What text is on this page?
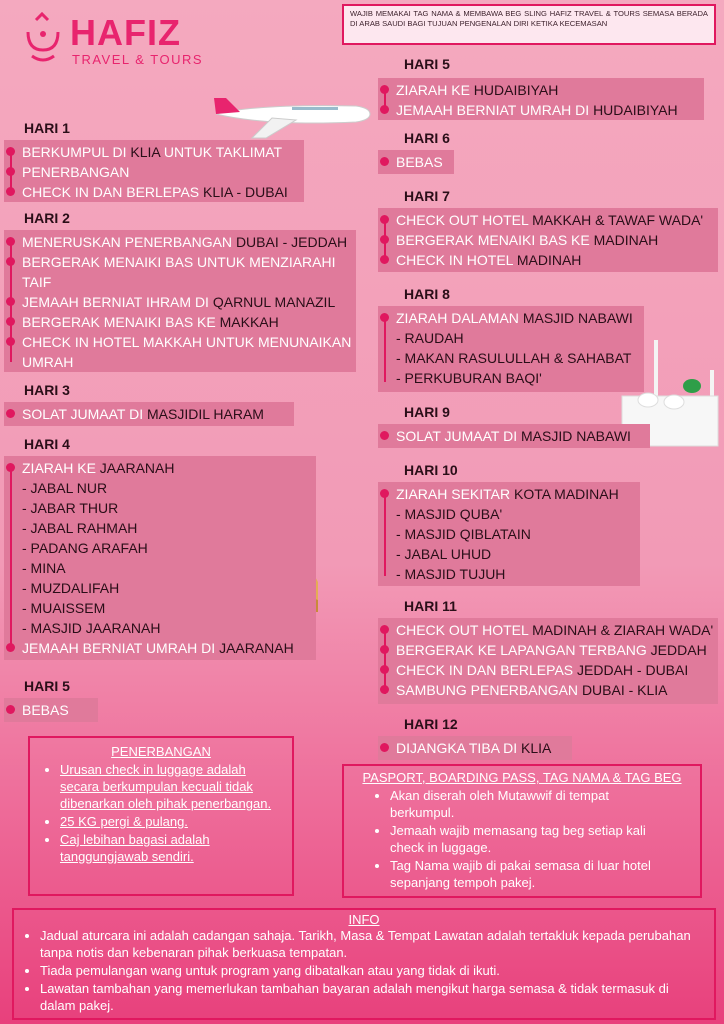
HAFIZ
TRAVEL & TOURS
WAJIB MEMAKAI TAG NAMA & MEMBAWA BEG SLING HAFIZ TRAVEL & TOURS SEMASA BERADA DI ARAB SAUDI BAGI TUJUAN PENGENALAN DIRI KETIKA KECEMASAN
HARI 1
BERKUMPUL DI KLIA UNTUK TAKLIMAT
PENERBANGAN
CHECK IN DAN BERLEPAS KLIA - DUBAI
HARI 2
MENERUSKAN PENERBANGAN DUBAI - JEDDAH
BERGERAK MENAIKI BAS UNTUK MENZIARAHI
TAIF
JEMAAH BERNIAT IHRAM DI QARNUL MANAZIL
BERGERAK MENAIKI BAS KE MAKKAH
CHECK IN HOTEL MAKKAH UNTUK MENUNAIKAN
UMRAH
HARI 3
SOLAT JUMAAT DI MASJIDIL HARAM
HARI 4
ZIARAH KE JAARANAH
- JABAL NUR
- JABAR THUR
- JABAL RAHMAH
- PADANG ARAFAH
- MINA
- MUZDALIFAH
- MUAISSEM
- MASJID JAARANAH
JEMAAH BERNIAT UMRAH DI JAARANAH
HARI 5
BEBAS
HARI 5
ZIARAH KE HUDAIBIYAH
JEMAAH BERNIAT UMRAH DI HUDAIBIYAH
HARI 6
BEBAS
HARI 7
CHECK OUT HOTEL MAKKAH & TAWAF WADA'
BERGERAK MENAIKI BAS KE MADINAH
CHECK IN HOTEL MADINAH
HARI 8
ZIARAH DALAMAN MASJID NABAWI
- RAUDAH
- MAKAN RASULULLAH & SAHABAT
- PERKUBURAN BAQI'
HARI 9
SOLAT JUMAAT DI MASJID NABAWI
HARI 10
ZIARAH SEKITAR KOTA MADINAH
- MASJID QUBA'
- MASJID QIBLATAIN
- JABAL UHUD
- MASJID TUJUH
HARI 11
CHECK OUT HOTEL MADINAH & ZIARAH WADA'
BERGERAK KE LAPANGAN TERBANG JEDDAH
CHECK IN DAN BERLEPAS JEDDAH - DUBAI
SAMBUNG PENERBANGAN DUBAI - KLIA
HARI 12
DIJANGKA TIBA DI KLIA
PENERBANGAN
• Urusan check in luggage adalah secara berkumpulan kecuali tidak dibenarkan oleh pihak penerbangan.
• 25 KG pergi & pulang.
• Caj lebihan bagasi adalah tanggungjawab sendiri.
PASPORT, BOARDING PASS, TAG NAMA & TAG BEG
• Akan diserah oleh Mutawwif di tempat berkumpul.
• Jemaah wajib memasang tag beg setiap kali check in luggage.
• Tag Nama wajib di pakai semasa di luar hotel sepanjang tempoh pakej.
INFO
• Jadual aturcara ini adalah cadangan sahaja. Tarikh, Masa & Tempat Lawatan adalah tertakluk kepada perubahan tanpa notis dan kebenaran pihak berkuasa tempatan.
• Tiada pemulangan wang untuk program yang dibatalkan atau yang tidak di ikuti.
• Lawatan tambahan yang memerlukan tambahan bayaran adalah mengikut harga semasa & tidak termasuk di dalam pakej.
